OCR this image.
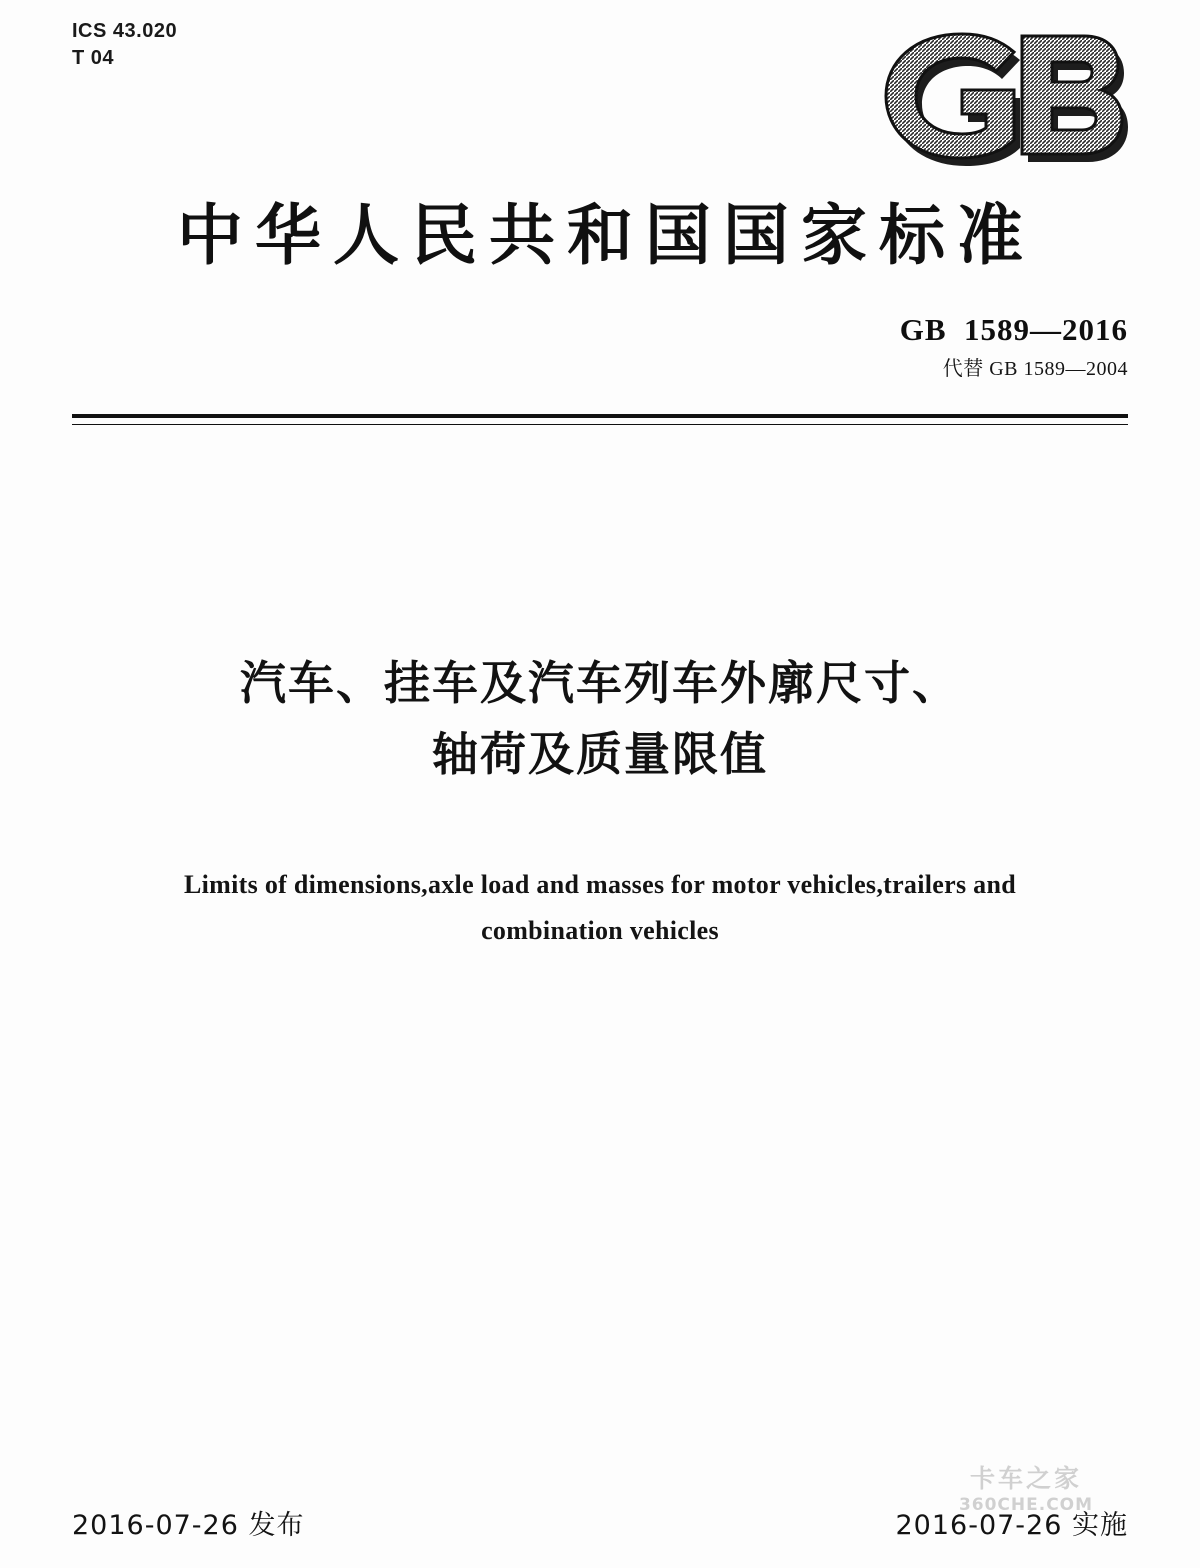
ICS 43.020
T 04
中华人民共和国国家标准
GB  1589—2016
代替 GB 1589—2004
汽车、挂车及汽车列车外廓尺寸、
轴荷及质量限值
Limits of dimensions,axle load and masses for motor vehicles,trailers and
combination vehicles
2016-07-26 发布	2016-07-26 实施
卡车之家
360CHE.COM
